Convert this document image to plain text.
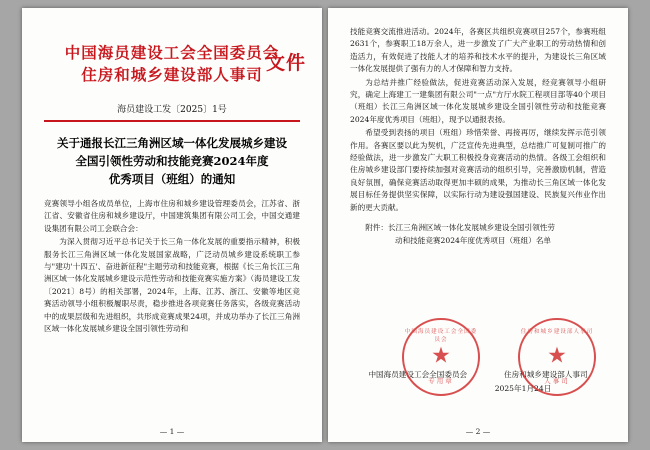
中国海员建设工会全国委员会
住房和城乡建设部人事司
文件
海员建设工发〔2025〕1号
关于通报长江三角洲区域一体化发展城乡建设
全国引领性劳动和技能竞赛2024年度
优秀项目（班组）的通知

竞赛领导小组各成员单位，上海市住房和城乡建设管理委员会，江苏省、浙江省、安徽省住房和城乡建设厅，中国建筑集团有限公司工会，中国交通建设集团有限公司工会联合会：

为深入贯彻习近平总书记关于长三角一体化发展的重要指示精神，积极服务长江三角洲区域一体化发展国家战略，广泛动员城乡建设系统职工参与"建功'十四五'、奋进新征程"主题劳动和技能竞赛，根据《长三角长江三角洲区域一体化发展城乡建设示范性劳动和技能竞赛实施方案》（海员建设工发〔2021〕8号）的相关部署，2024年，上海、江苏、浙江、安徽等地区竞赛活动领导小组积极履职尽责，稳步推进各项竞赛任务落实，各级竞赛活动中的成果层级和先进组织，共形成竞赛成果24项，并成功举办了长江三角洲区域一体化发展城乡建设全国引领性劳动和

— 1 —

技能竞赛交流推进活动。2024年，各赛区共组织竞赛项目257个，参赛班组2631个，参赛职工18万余人，进一步激发了广大产业职工的劳动热情和创造活力，有效促进了技能人才的培养和技术水平的提升，为建设长三角区域一体化发展提供了强有力的人才保障和智力支持。

为总结并推广经验做法，促进竞赛活动深入发展，经竞赛领导小组研究，确定上海建工一建集团有限公司"一点"方厅水院工程项目部等40个项目（班组）长江三角洲区域一体化发展城乡建设全国引领性劳动和技能竞赛2024年度优秀项目（班组），现予以通报表扬。

希望受到表扬的项目（班组）珍惜荣誉、再接再厉，继续发挥示范引领作用。各赛区要以此为契机，广泛宣传先进典型，总结推广可复制可推广的经验做法，进一步激发广大职工积极投身竞赛活动的热情。各级工会组织和住房城乡建设部门要持续加强对竞赛活动的组织引导，完善激励机制，营造良好氛围，确保竞赛活动取得更加丰硕的成果，为推动长三角区域一体化发展目标任务提供坚实保障，以实际行动为建设强国建设、民族复兴伟业作出新的更大贡献。

附件：长江三角洲区域一体化发展城乡建设全国引领性劳
动和技能竞赛2024年度优秀项目（班组）名单
中国海员建设工会全国委员会	住房和城乡建设部人事司
2025年1月24日
中国海员建设工会全国委员会
★
专用章
住房和城乡建设部人事司
★
人事司
— 2 —
